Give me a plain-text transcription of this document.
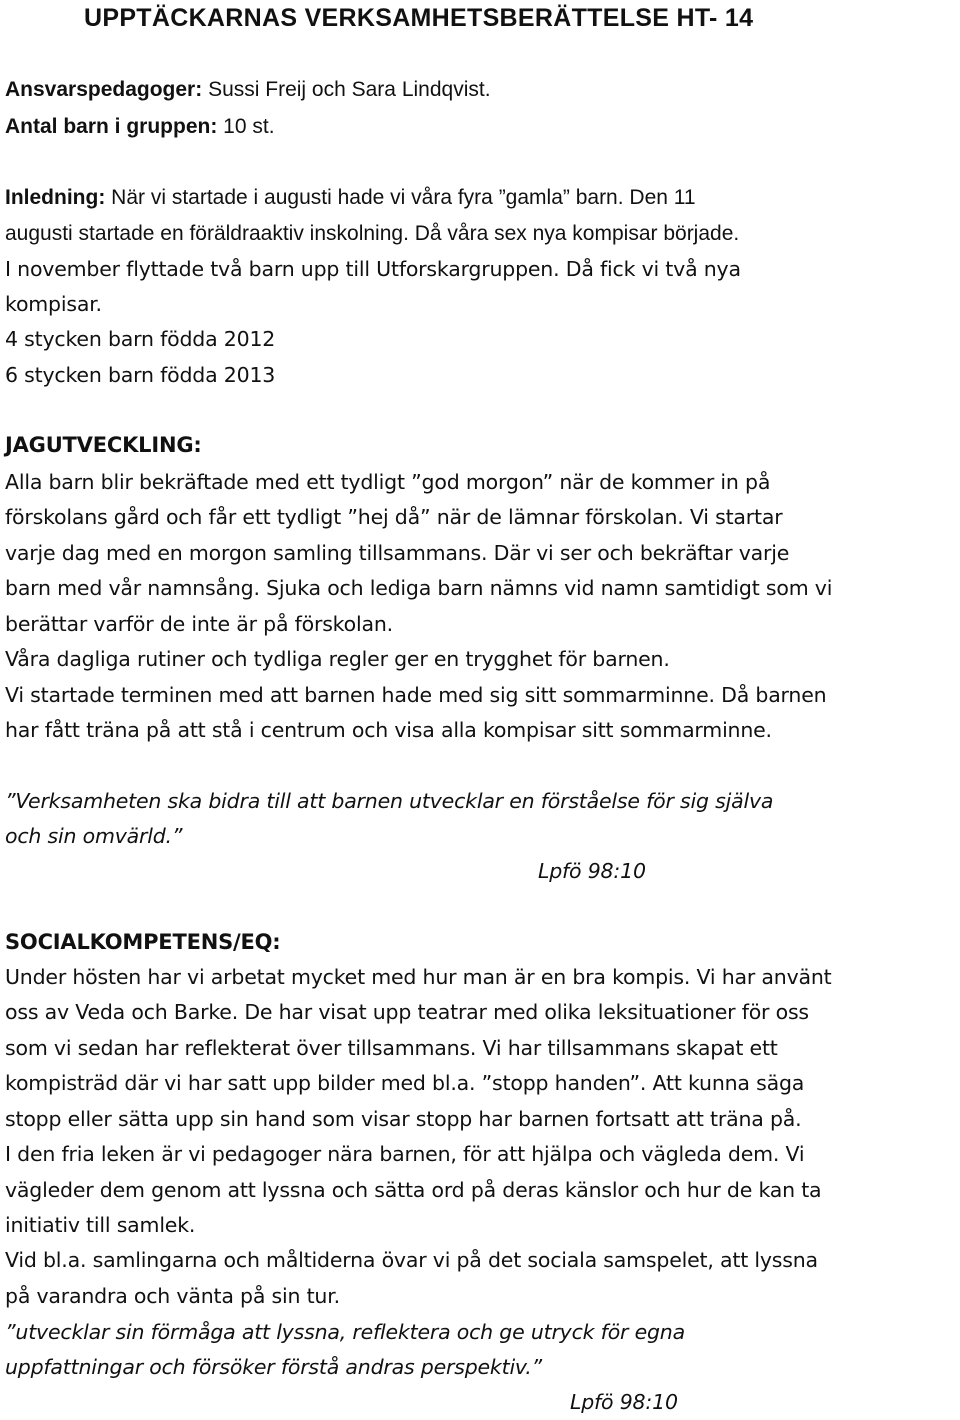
UPPTÄCKARNAS VERKSAMHETSBERÄTTELSE HT- 14
Ansvarspedagoger: Sussi Freij och Sara Lindqvist.
Antal barn i gruppen: 10 st.
Inledning: När vi startade i augusti hade vi våra fyra ”gamla” barn. Den 11
augusti startade en föräldraaktiv inskolning. Då våra sex nya kompisar började.
I november flyttade två barn upp till Utforskargruppen. Då fick vi två nya
kompisar.
4 stycken barn födda 2012
6 stycken barn födda 2013
JAGUTVECKLING:
Alla barn blir bekräftade med ett tydligt ”god morgon” när de kommer in på
förskolans gård och får ett tydligt ”hej då” när de lämnar förskolan. Vi startar
varje dag med en morgon samling tillsammans. Där vi ser och bekräftar varje
barn med vår namnsång. Sjuka och lediga barn nämns vid namn samtidigt som vi
berättar varför de inte är på förskolan.
Våra dagliga rutiner och tydliga regler ger en trygghet för barnen.
Vi startade terminen med att barnen hade med sig sitt sommarminne. Då barnen
har fått träna på att stå i centrum och visa alla kompisar sitt sommarminne.
”Verksamheten ska bidra till att barnen utvecklar en förståelse för sig själva
och sin omvärld.”
Lpfö 98:10
SOCIALKOMPETENS/EQ:
Under hösten har vi arbetat mycket med hur man är en bra kompis. Vi har använt
oss av Veda och Barke. De har visat upp teatrar med olika leksituationer för oss
som vi sedan har reflekterat över tillsammans. Vi har tillsammans skapat ett
kompisträd där vi har satt upp bilder med bl.a. ”stopp handen”. Att kunna säga
stopp eller sätta upp sin hand som visar stopp har barnen fortsatt att träna på.
I den fria leken är vi pedagoger nära barnen, för att hjälpa och vägleda dem. Vi
vägleder dem genom att lyssna och sätta ord på deras känslor och hur de kan ta
initiativ till samlek.
Vid bl.a. samlingarna och måltiderna övar vi på det sociala samspelet, att lyssna
på varandra och vänta på sin tur.
”utvecklar sin förmåga att lyssna, reflektera och ge utryck för egna
uppfattningar och försöker förstå andras perspektiv.”
Lpfö 98:10
